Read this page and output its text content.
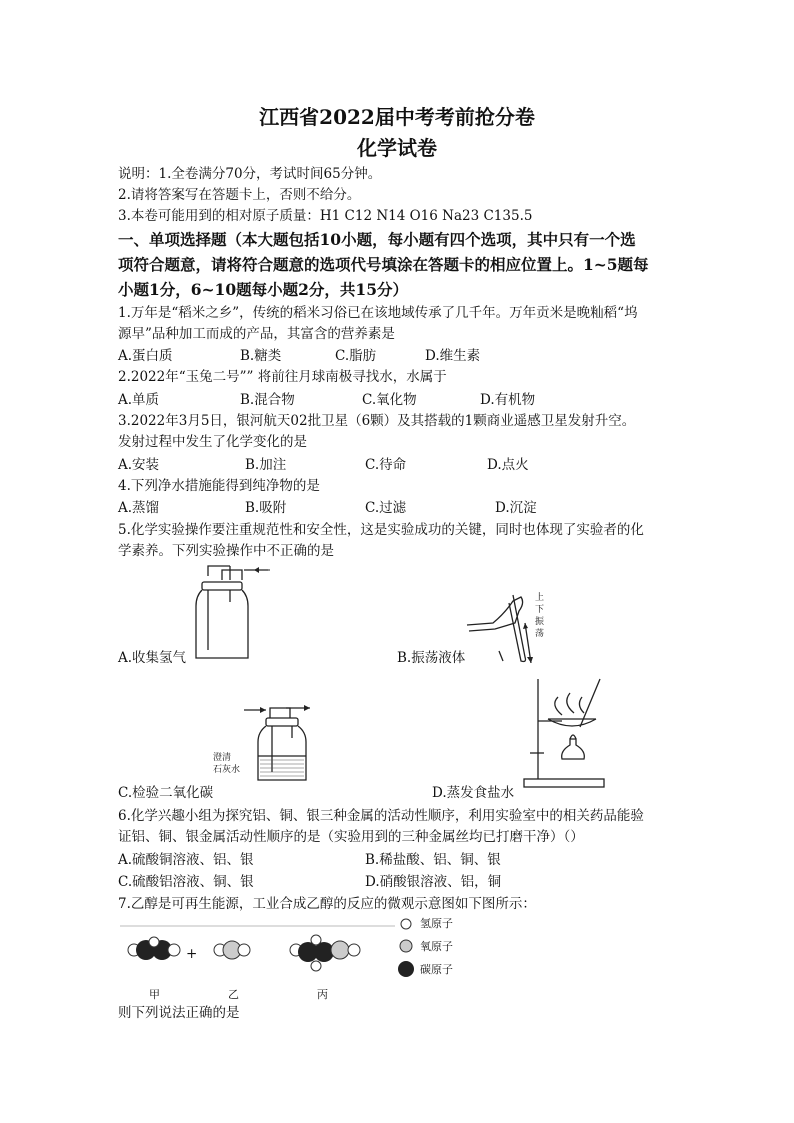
江西省2022届中考考前抢分卷
化学试卷
说明：1.全卷满分70分，考试时间65分钟。
2.请将答案写在答题卡上，否则不给分。
3.本卷可能用到的相对原子质量：H1 C12 N14 O16 Na23 C135.5
一、单项选择题（本大题包括10小题，每小题有四个选项，其中只有一个选
项符合题意，请将符合题意的选项代号填涂在答题卡的相应位置上。1~5题每
小题1分，6~10题每小题2分，共15分）
1.万年是“稻米之乡”，传统的稻米习俗已在该地域传承了几千年。万年贡米是晚籼稻“坞
源早”品种加工而成的产品，其富含的营养素是
A.蛋白质	B.糖类	C.脂肪	D.维生素
2.2022年“玉兔二号”” 将前往月球南极寻找水，水属于
A.单质	B.混合物	C.氧化物	D.有机物
3.2022年3月5日，银河航天02批卫星（6颗）及其搭载的1颗商业遥感卫星发射升空。
发射过程中发生了化学变化的是
A.安装	B.加注	C.待命	D.点火
4.下列净水措施能得到纯净物的是
A.蒸馏	B.吸附	C.过滤	D.沉淀
5.化学实验操作要注重规范性和安全性，这是实验成功的关键，同时也体现了实验者的化
学素养。下列实验操作中不正确的是
A.收集氢气
上
下
振
荡
B.振荡液体
澄清
石灰水
C.检验二氧化碳	D.蒸发食盐水
6.化学兴趣小组为探究铝、铜、银三种金属的活动性顺序，利用实验室中的相关药品能验
证铝、铜、银金属活动性顺序的是（实验用到的三种金属丝均已打磨干净）（）
A.硫酸铜溶液、铝、银	B.稀盐酸、铝、铜、银
C.硫酸铝溶液、铜、银	D.硝酸银溶液、铝，铜
7.乙醇是可再生能源，工业合成乙醇的反应的微观示意图如下图所示：
+
甲	乙	丙
氢原子
氧原子
碳原子
则下列说法正确的是
